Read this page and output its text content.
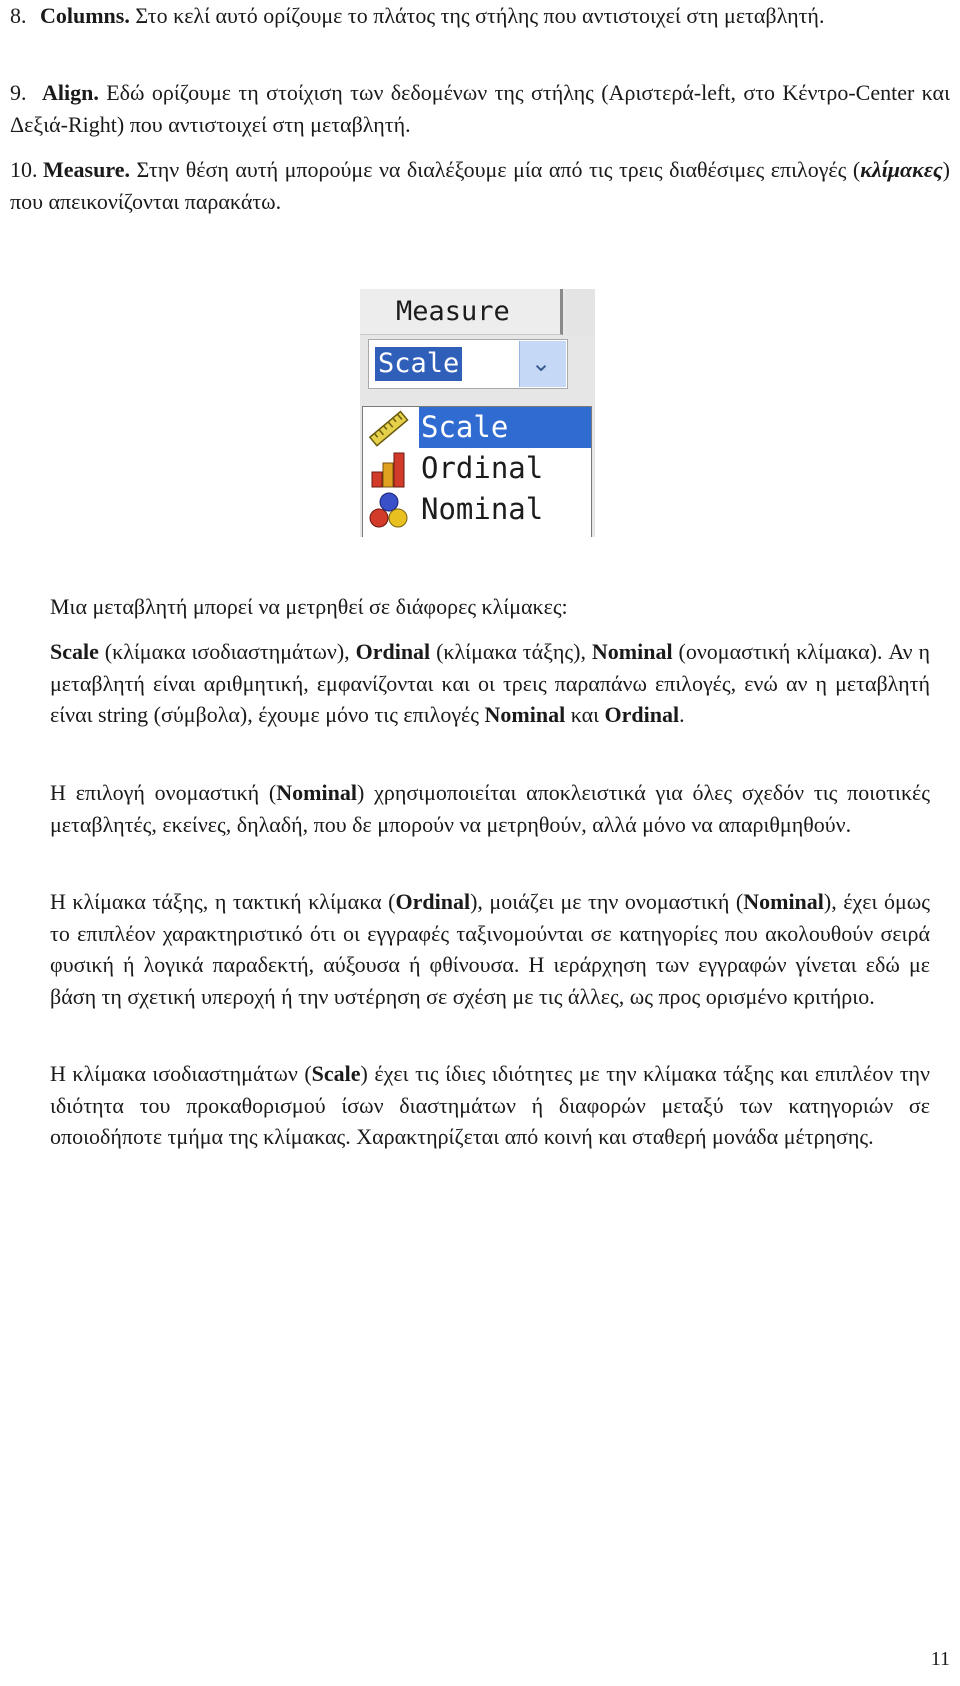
8. Columns. Στο κελί αυτό ορίζουμε το πλάτος της στήλης που αντιστοιχεί στη μεταβλητή.

9. Align. Εδώ ορίζουμε τη στοίχιση των δεδομένων της στήλης (Αριστερά-left, στο Κέντρο-Center και Δεξιά-Right) που αντιστοιχεί στη μεταβλητή.

10. Measure. Στην θέση αυτή μπορούμε να διαλέξουμε μία από τις τρεις διαθέσιμες επιλογές (κλίμακες) που απεικονίζονται παρακάτω.

Measure
Scale	⌄
Scale
Ordinal
Nominal

Μια μεταβλητή μπορεί να μετρηθεί σε διάφορες κλίμακες:

Scale (κλίμακα ισοδιαστημάτων), Ordinal (κλίμακα τάξης), Nominal (ονομαστική κλίμακα). Αν η μεταβλητή είναι αριθμητική, εμφανίζονται και οι τρεις παραπάνω επιλογές, ενώ αν η μεταβλητή είναι string (σύμβολα), έχουμε μόνο τις επιλογές Nominal και Ordinal.

Η επιλογή ονομαστική (Nominal) χρησιμοποιείται αποκλειστικά για όλες σχεδόν τις ποιοτικές μεταβλητές, εκείνες, δηλαδή, που δε μπορούν να μετρηθούν, αλλά μόνο να απαριθμηθούν.

Η κλίμακα τάξης, η τακτική κλίμακα (Ordinal), μοιάζει με την ονομαστική (Nominal), έχει όμως το επιπλέον χαρακτηριστικό ότι οι εγγραφές ταξινομούνται σε κατηγορίες που ακολουθούν σειρά φυσική ή λογικά παραδεκτή, αύξουσα ή φθίνουσα. Η ιεράρχηση των εγγραφών γίνεται εδώ με βάση τη σχετική υπεροχή ή την υστέρηση σε σχέση με τις άλλες, ως προς ορισμένο κριτήριο.

Η κλίμακα ισοδιαστημάτων (Scale) έχει τις ίδιες ιδιότητες με την κλίμακα τάξης και επιπλέον την ιδιότητα του προκαθορισμού ίσων διαστημάτων ή διαφορών μεταξύ των κατηγοριών σε οποιοδήποτε τμήμα της κλίμακας. Χαρακτηρίζεται από κοινή και σταθερή μονάδα μέτρησης.

11
